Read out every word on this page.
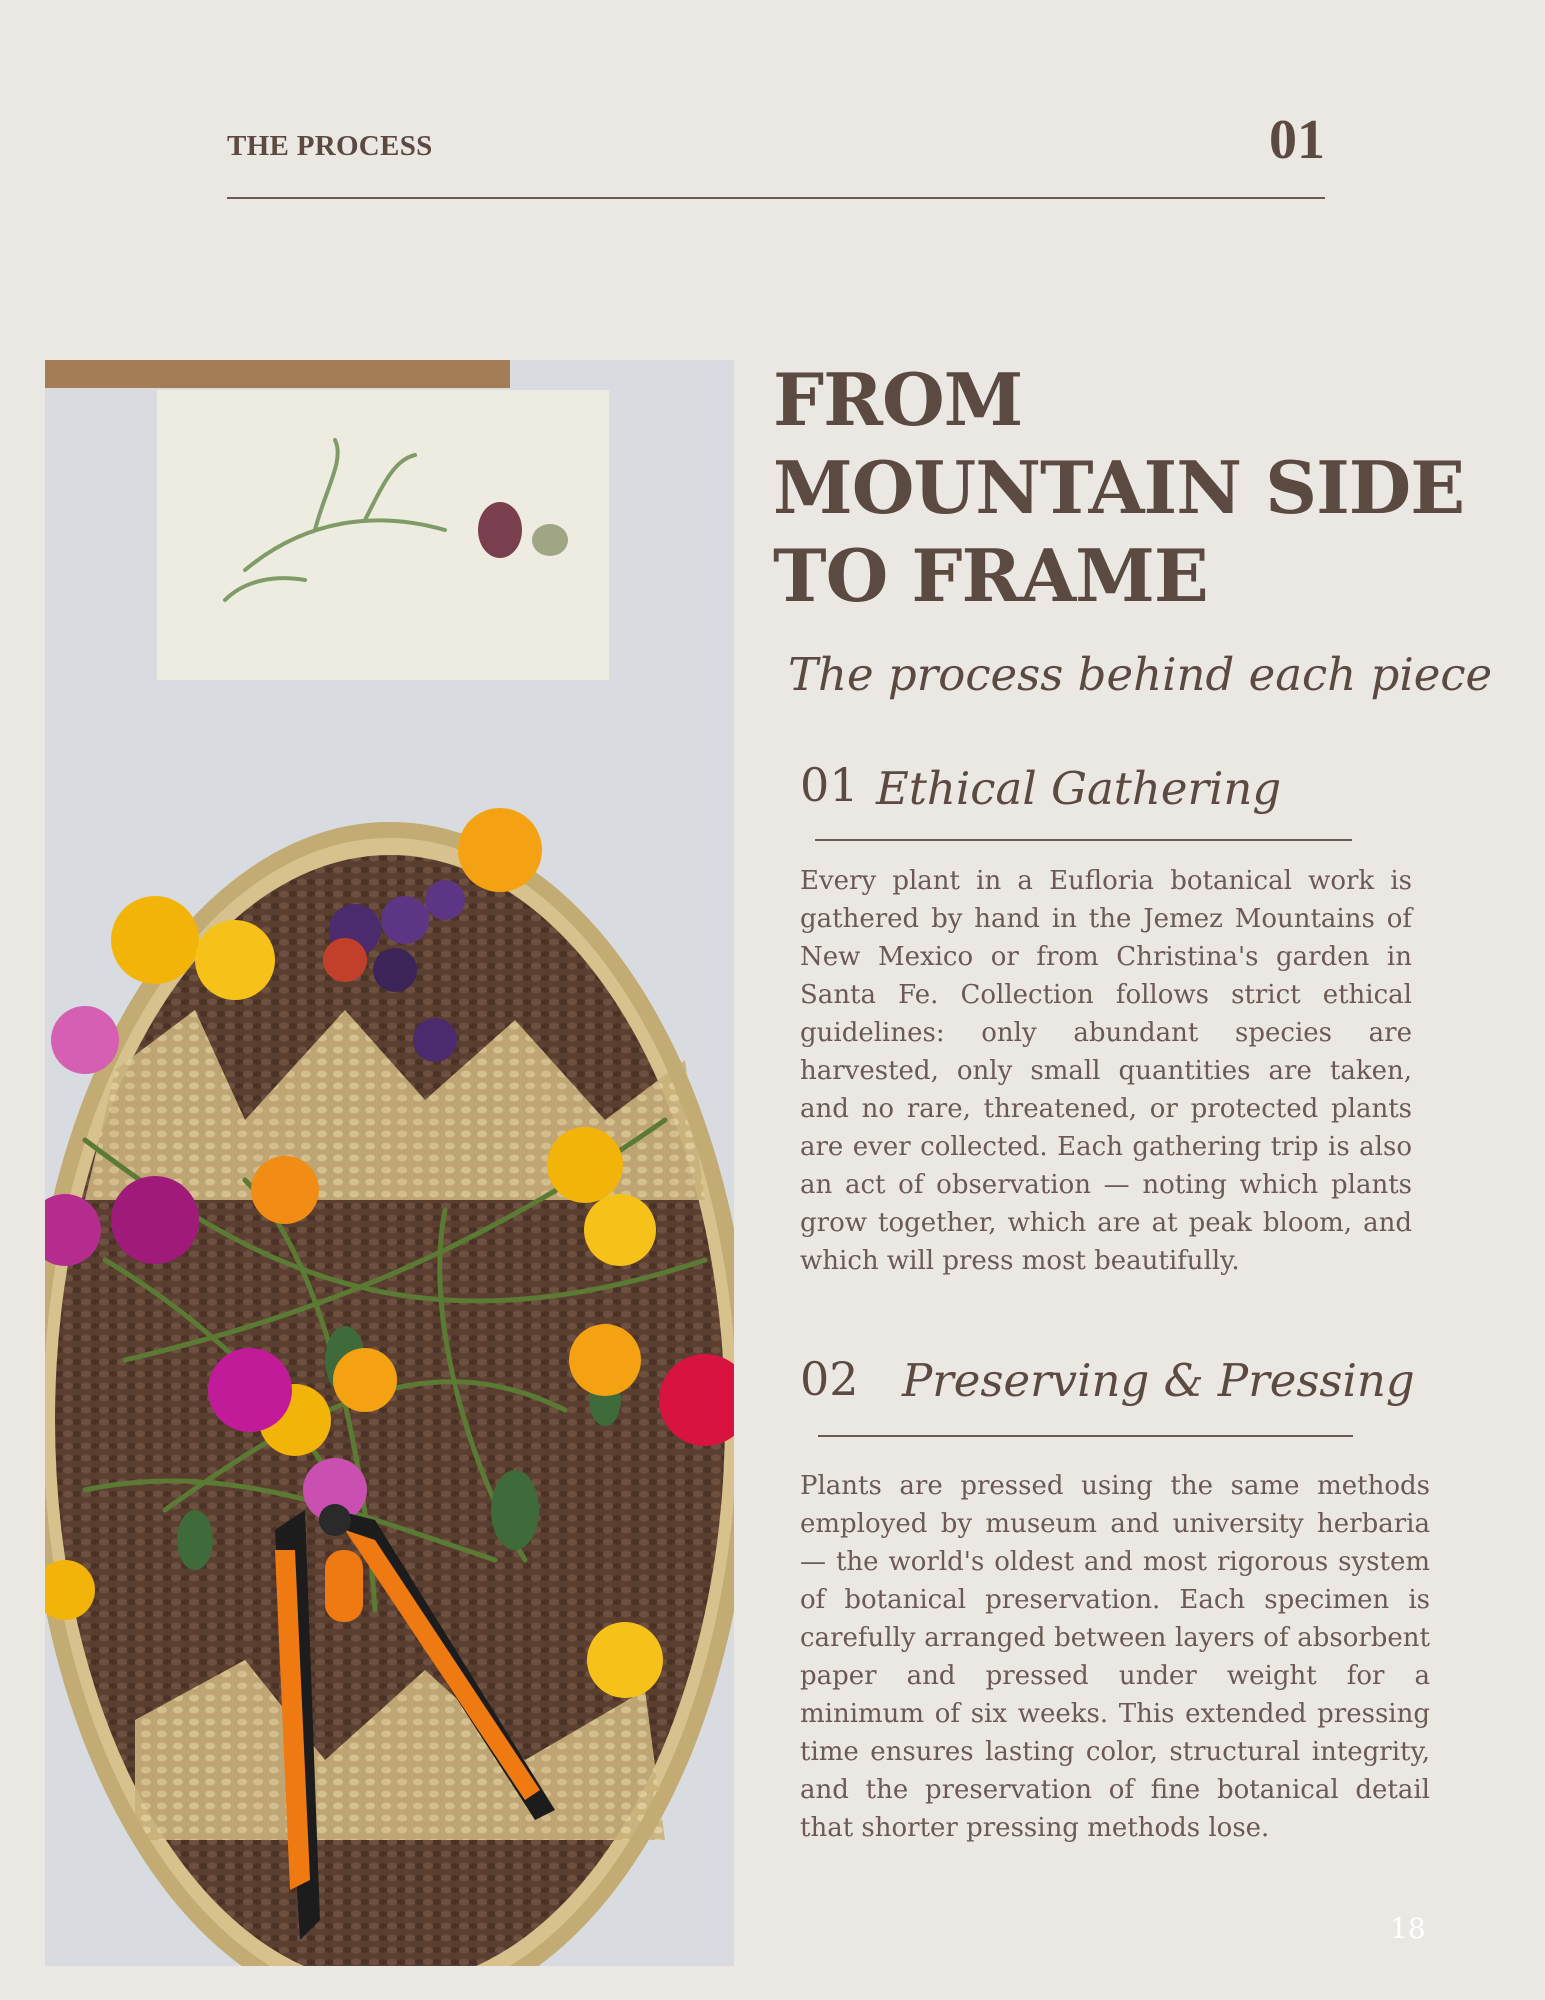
THE PROCESS	01
FROM
MOUNTAIN SIDE
TO FRAME
The process behind each piece
01 Ethical Gathering

Every plant in a Eufloria botanical work is gathered by hand in the Jemez Mountains of New Mexico or from Christina's garden in Santa Fe. Collection follows strict ethical guidelines: only abundant species are harvested, only small quantities are taken, and no rare, threatened, or protected plants are ever collected. Each gathering trip is also an act of observation — noting which plants grow together, which are at peak bloom, and which will press most beautifully.

02 Preserving & Pressing

Plants are pressed using the same methods employed by museum and university herbaria — the world's oldest and most rigorous system of botanical preservation. Each specimen is carefully arranged between layers of absorbent paper and pressed under weight for a minimum of six weeks. This extended pressing time ensures lasting color, structural integrity, and the preservation of fine botanical detail that shorter pressing methods lose.

18
